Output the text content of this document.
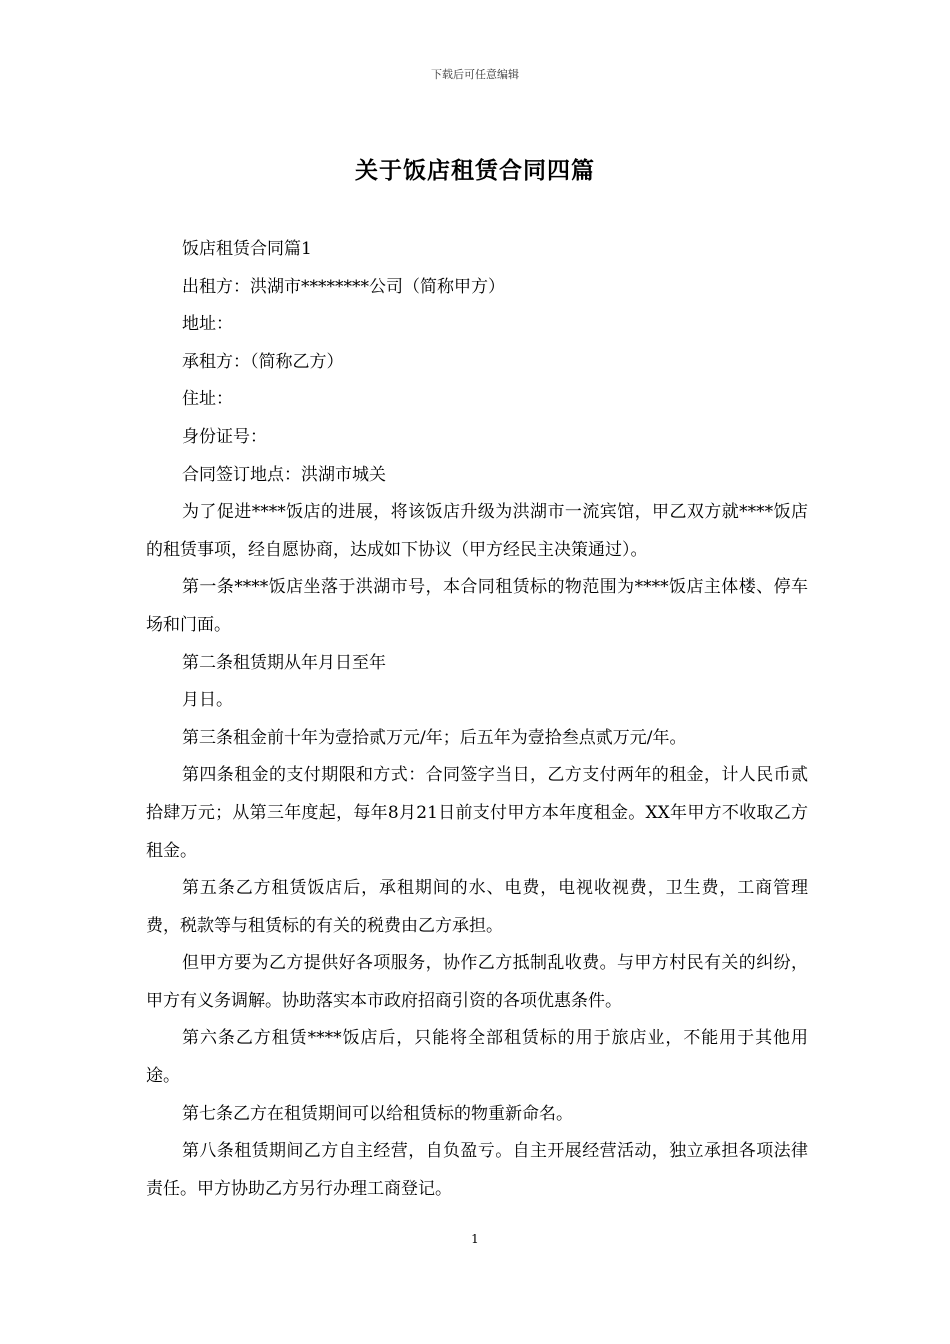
下载后可任意编辑
关于饭店租赁合同四篇

饭店租赁合同篇1

出租方：洪湖市********公司（简称甲方）

地址：

承租方：（简称乙方）

住址：

身份证号：

合同签订地点：洪湖市城关

为了促进****饭店的进展，将该饭店升级为洪湖市一流宾馆，甲乙双方就****饭店的租赁事项，经自愿协商，达成如下协议（甲方经民主决策通过）。

第一条****饭店坐落于洪湖市号，本合同租赁标的物范围为****饭店主体楼、停车场和门面。

第二条租赁期从年月日至年

月日。

第三条租金前十年为壹拾贰万元/年；后五年为壹拾叁点贰万元/年。

第四条租金的支付期限和方式：合同签字当日，乙方支付两年的租金，计人民币贰拾肆万元；从第三年度起，每年8月21日前支付甲方本年度租金。XX年甲方不收取乙方租金。

第五条乙方租赁饭店后，承租期间的水、电费，电视收视费，卫生费，工商管理费，税款等与租赁标的有关的税费由乙方承担。

但甲方要为乙方提供好各项服务，协作乙方抵制乱收费。与甲方村民有关的纠纷，甲方有义务调解。协助落实本市政府招商引资的各项优惠条件。

第六条乙方租赁****饭店后，只能将全部租赁标的用于旅店业，不能用于其他用途。

第七条乙方在租赁期间可以给租赁标的物重新命名。

第八条租赁期间乙方自主经营，自负盈亏。自主开展经营活动，独立承担各项法律责任。甲方协助乙方另行办理工商登记。

1
